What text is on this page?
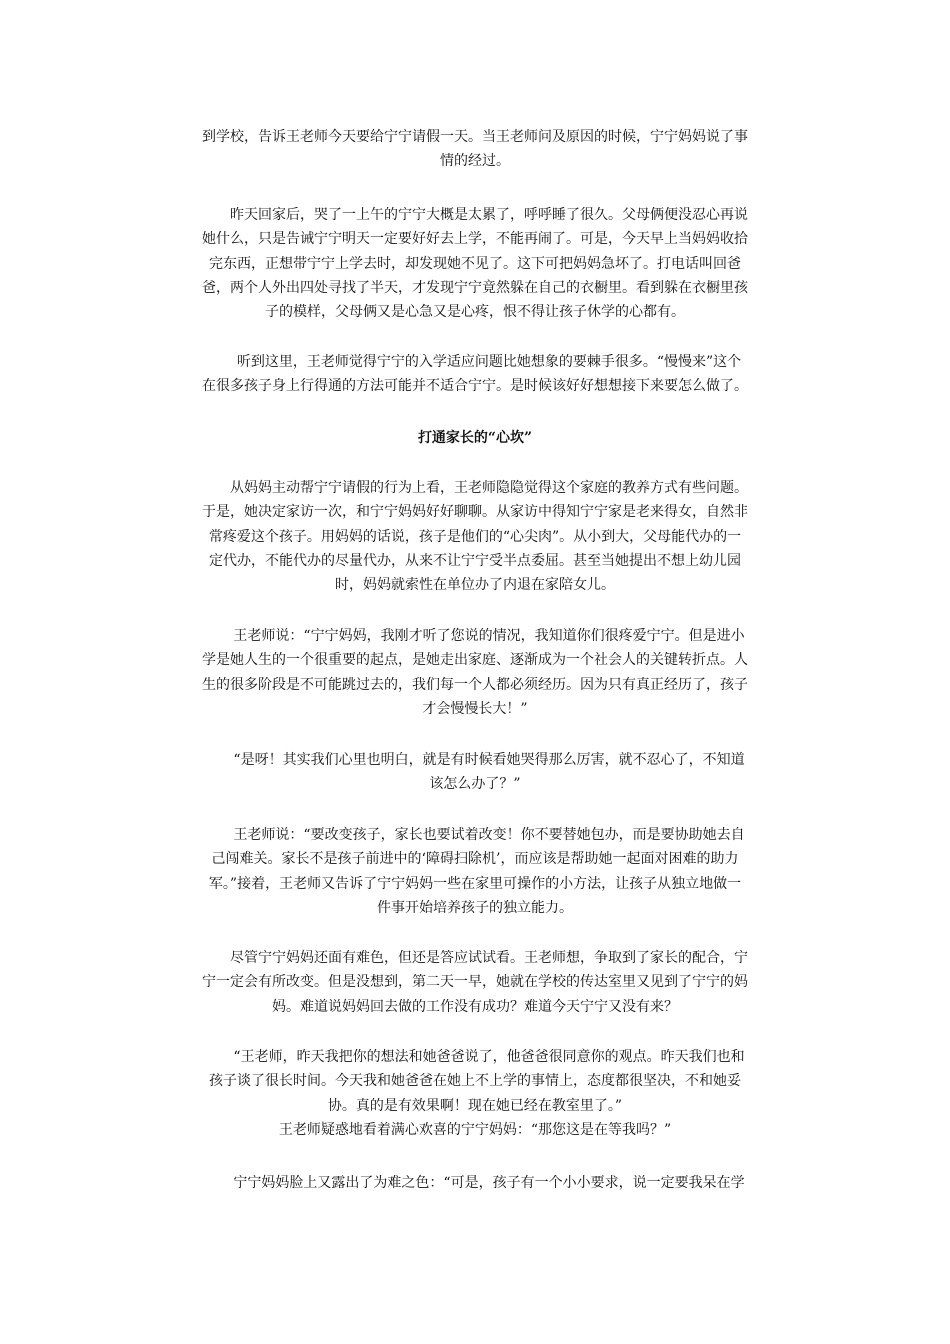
到学校，告诉王老师今天要给宁宁请假一天。当王老师问及原因的时候，宁宁妈妈说了事
情的经过。

　　昨天回家后，哭了一上午的宁宁大概是太累了，呼呼睡了很久。父母俩便没忍心再说
她什么，只是告诫宁宁明天一定要好好去上学，不能再闹了。可是，今天早上当妈妈收拾
完东西，正想带宁宁上学去时，却发现她不见了。这下可把妈妈急坏了。打电话叫回爸
爸，两个人外出四处寻找了半天，才发现宁宁竟然躲在自己的衣橱里。看到躲在衣橱里孩
子的模样，父母俩又是心急又是心疼，恨不得让孩子休学的心都有。

　　听到这里，王老师觉得宁宁的入学适应问题比她想象的要棘手很多。“慢慢来”这个
在很多孩子身上行得通的方法可能并不适合宁宁。是时候该好好想想接下来要怎么做了。

打通家长的“心坎”

　　从妈妈主动帮宁宁请假的行为上看，王老师隐隐觉得这个家庭的教养方式有些问题。
于是，她决定家访一次，和宁宁妈妈好好聊聊。从家访中得知宁宁家是老来得女，自然非
常疼爱这个孩子。用妈妈的话说，孩子是他们的“心尖肉”。从小到大，父母能代办的一
定代办，不能代办的尽量代办，从来不让宁宁受半点委屈。甚至当她提出不想上幼儿园
时，妈妈就索性在单位办了内退在家陪女儿。

　　王老师说：“宁宁妈妈，我刚才听了您说的情况，我知道你们很疼爱宁宁。但是进小
学是她人生的一个很重要的起点，是她走出家庭、逐渐成为一个社会人的关键转折点。人
生的很多阶段是不可能跳过去的，我们每一个人都必须经历。因为只有真正经历了，孩子
才会慢慢长大！”

　　“是呀！其实我们心里也明白，就是有时候看她哭得那么厉害，就不忍心了，不知道
该怎么办了？”

　　王老师说：“要改变孩子，家长也要试着改变！你不要替她包办，而是要协助她去自
己闯难关。家长不是孩子前进中的‘障碍扫除机’，而应该是帮助她一起面对困难的助力
军。”接着，王老师又告诉了宁宁妈妈一些在家里可操作的小方法，让孩子从独立地做一
件事开始培养孩子的独立能力。

　　尽管宁宁妈妈还面有难色，但还是答应试试看。王老师想，争取到了家长的配合，宁
宁一定会有所改变。但是没想到，第二天一早，她就在学校的传达室里又见到了宁宁的妈
妈。难道说妈妈回去做的工作没有成功？难道今天宁宁又没有来？

　　“王老师，昨天我把你的想法和她爸爸说了，他爸爸很同意你的观点。昨天我们也和
孩子谈了很长时间。今天我和她爸爸在她上不上学的事情上，态度都很坚决，不和她妥
协。真的是有效果啊！现在她已经在教室里了。”
王老师疑惑地看着满心欢喜的宁宁妈妈：“那您这是在等我吗？”

　　宁宁妈妈脸上又露出了为难之色：“可是，孩子有一个小小要求，说一定要我呆在学
